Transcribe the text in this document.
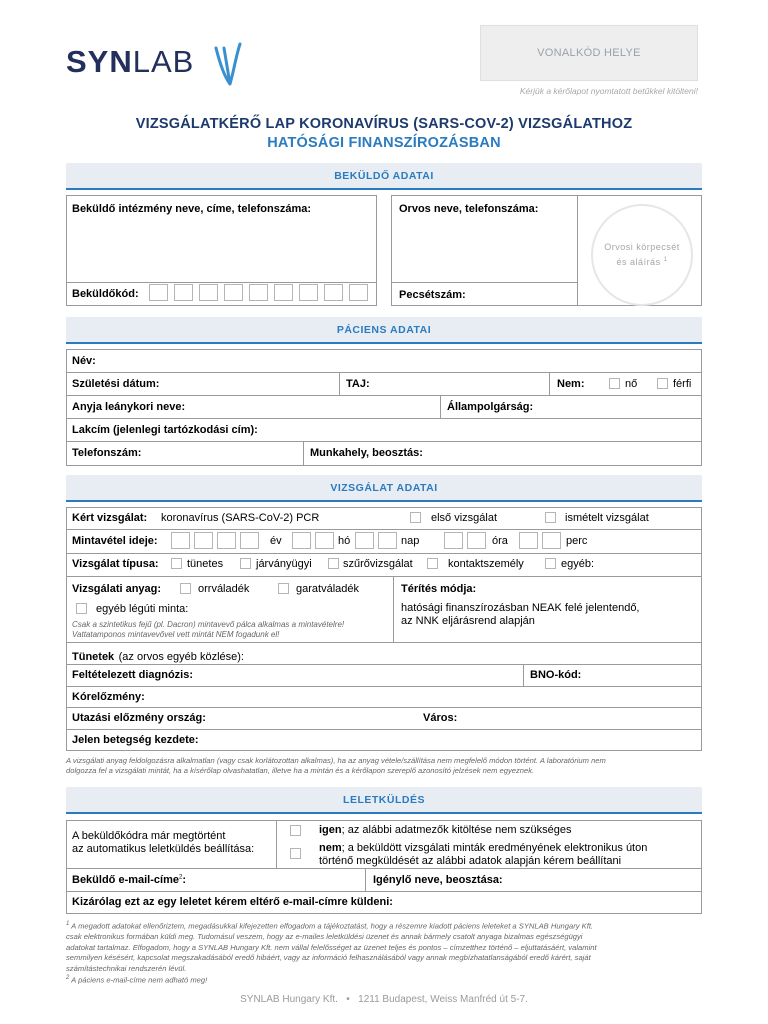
SYNLAB	VONALKÓD HELYE
Kérjük a kérőlapot nyomtatott betűkkel kitölteni!
VIZSGÁLATKÉRŐ LAP KORONAVÍRUS (SARS-COV-2) VIZSGÁLATHOZ
HATÓSÁGI FINANSZÍROZÁSBAN
BEKÜLDŐ ADATAI
Beküldő intézmény neve, címe, telefonszáma:
Beküldőkód:
Orvos neve, telefonszáma:
Pecsétszám:
Orvosi körpecsét
és aláírás $^1$
PÁCIENS ADATAI
Név:
Születési dátum:	TAJ:	Nem:	nő	férfi
Anyja leánykori neve:	Állampolgárság:
Lakcím (jelenlegi tartózkodási cím):
Telefonszám:	Munkahely, beosztás:
VIZSGÁLAT ADATAI
Kért vizsgálat: koronavírus (SARS-CoV-2) PCR	első vizsgálat	ismételt vizsgálat
Mintavétel ideje:	év	hó	nap	óra	perc
Vizsgálat típusa:	tünetes	járványügyi	szűrővizsgálat	kontaktszemély	egyéb:
Vizsgálati anyag:	orrváladék	garatváladék
egyéb légúti minta:
Csak a szintetikus fejű (pl. Dacron) mintavevő pálca alkalmas a mintavételre!
Vattatamponos mintavevővel vett mintát NEM fogadunk el!
Térítés módja:
hatósági finanszírozásban NEAK felé jelentendő,
az NNK eljárásrend alapján
Tünetek (az orvos egyéb közlése):
Feltételezett diagnózis:	BNO-kód:
Kórelőzmény:
Utazási előzmény ország:	Város:
Jelen betegség kezdete:
A vizsgálati anyag feldolgozásra alkalmatlan (vagy csak korlátozottan alkalmas), ha az anyag vétele/szállítása nem megfelelő módon történt. A laboratórium nem
dolgozza fel a vizsgálati mintát, ha a kísérőlap olvashatatlan, illetve ha a mintán és a kérőlapon szereplő azonosító jelzések nem egyeznek.
LELETKÜLDÉS
A beküldőkódra már megtörtént
az automatikus leletküldés beállítása:
igen; az alábbi adatmezők kitöltése nem szükséges
nem; a beküldött vizsgálati minták eredményének elektronikus úton
történő megküldését az alábbi adatok alapján kérem beállítani
Beküldő e-mail-címe$^2$:	Igénylő neve, beosztása:
Kizárólag ezt az egy leletet kérem eltérő e-mail-címre küldeni:
$^1$ A megadott adatokat ellenőriztem, megadásukkal kifejezetten elfogadom a tájékoztatást, hogy a részemre kiadott páciens leleteket a SYNLAB Hungary Kft.
csak elektronikus formában küldi meg. Tudomásul veszem, hogy az e-mailes leletküldési üzenet és annak bármely csatolt anyaga bizalmas egészségügyi
adatokat tartalmaz. Elfogadom, hogy a SYNLAB Hungary Kft. nem vállal felelősséget az üzenet teljes és pontos – címzetthez történő – eljuttatásáért, valamint
semmilyen késésért, kapcsolat megszakadásából eredő hibáért, vagy az információ felhasználásából vagy annak megbízhatatlanságából eredő kárért, saját
számítástechnikai rendszerén lévül.
$^2$ A páciens e-mail-címe nem adható meg!
SYNLAB Hungary Kft. • 1211 Budapest, Weiss Manfréd út 5-7.
